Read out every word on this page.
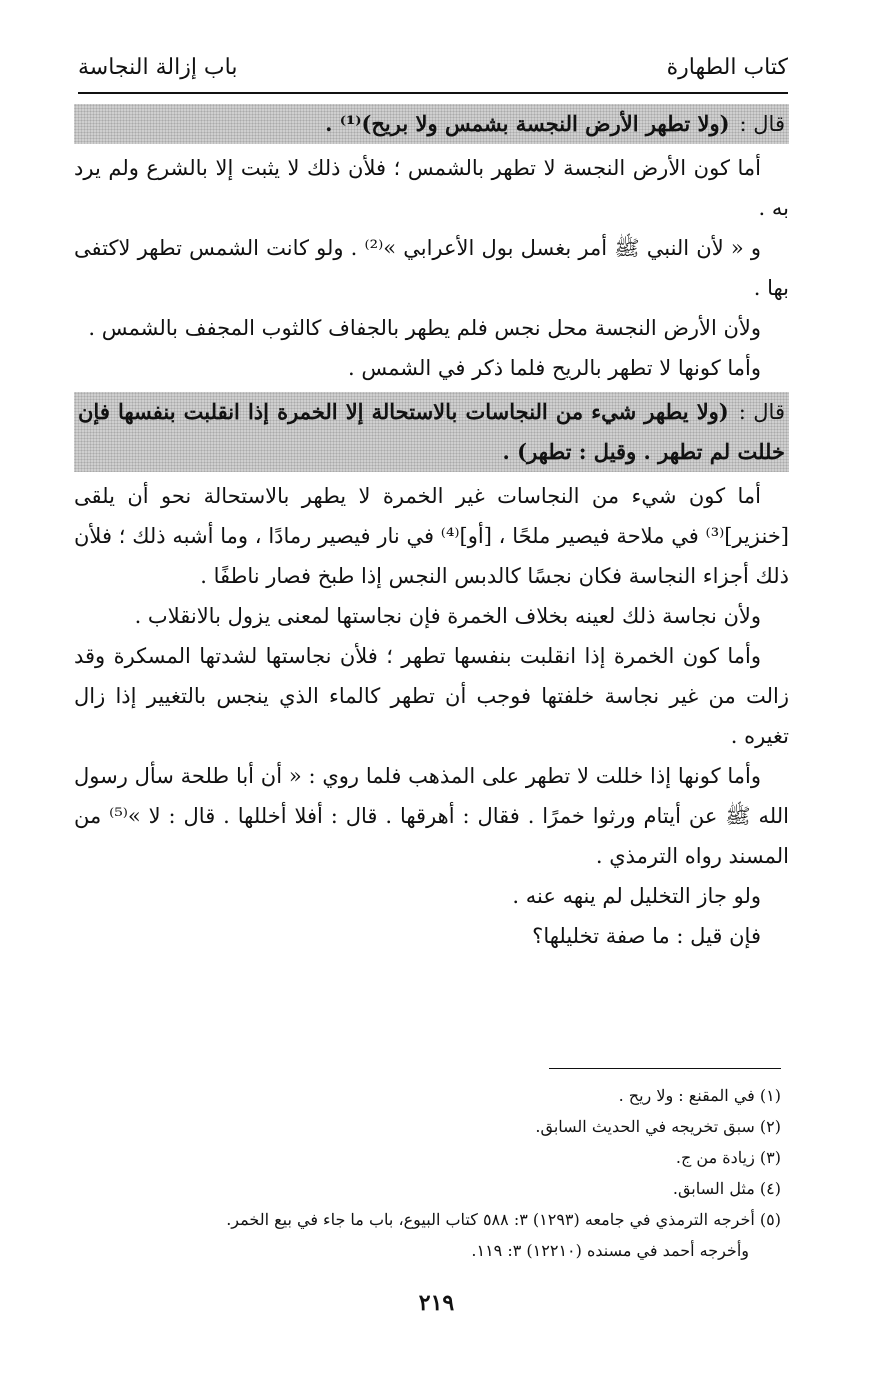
كتاب الطهارة
باب إزالة النجاسة
قال :(ولا تطهر الأرض النجسة بشمس ولا بريح)⁽¹⁾ .

أما كون الأرض النجسة لا تطهر بالشمس ؛ فلأن ذلك لا يثبت إلا بالشرع ولم يرد به .

و « لأن النبي ﷺ أمر بغسل بول الأعرابي »⁽²⁾ . ولو كانت الشمس تطهر لاكتفى بها .

ولأن الأرض النجسة محل نجس فلم يطهر بالجفاف كالثوب المجفف بالشمس .

وأما كونها لا تطهر بالريح فلما ذكر في الشمس .

قال :(ولا يطهر شيء من النجاسات بالاستحالة إلا الخمرة إذا انقلبت بنفسها فإن خللت لم تطهر . وقيل : تطهر) .

أما كون شيء من النجاسات غير الخمرة لا يطهر بالاستحالة نحو أن يلقى [خنزير]⁽³⁾ في ملاحة فيصير ملحًا ، [أو]⁽⁴⁾ في نار فيصير رمادًا ، وما أشبه ذلك ؛ فلأن ذلك أجزاء النجاسة فكان نجسًا كالدبس النجس إذا طبخ فصار ناطفًا .

ولأن نجاسة ذلك لعينه بخلاف الخمرة فإن نجاستها لمعنى يزول بالانقلاب .

وأما كون الخمرة إذا انقلبت بنفسها تطهر ؛ فلأن نجاستها لشدتها المسكرة وقد زالت من غير نجاسة خلفتها فوجب أن تطهر كالماء الذي ينجس بالتغيير إذا زال تغيره .

وأما كونها إذا خللت لا تطهر على المذهب فلما روي : « أن أبا طلحة سأل رسول الله ﷺ عن أيتام ورثوا خمرًا . فقال : أهرقها . قال : أفلا أخللها . قال : لا »⁽⁵⁾ من المسند رواه الترمذي .

ولو جاز التخليل لم ينهه عنه .

فإن قيل : ما صفة تخليلها؟

(١) في المقنع : ولا ريح .

(٢) سبق تخريجه في الحديث السابق.

(٣) زيادة من ج.

(٤) مثل السابق.

(٥) أخرجه الترمذي في جامعه (١٢٩٣) ٣: ٥٨٨ كتاب البيوع، باب ما جاء في بيع الخمر.

وأخرجه أحمد في مسنده (١٢٢١٠) ٣: ١١٩.

٢١٩
